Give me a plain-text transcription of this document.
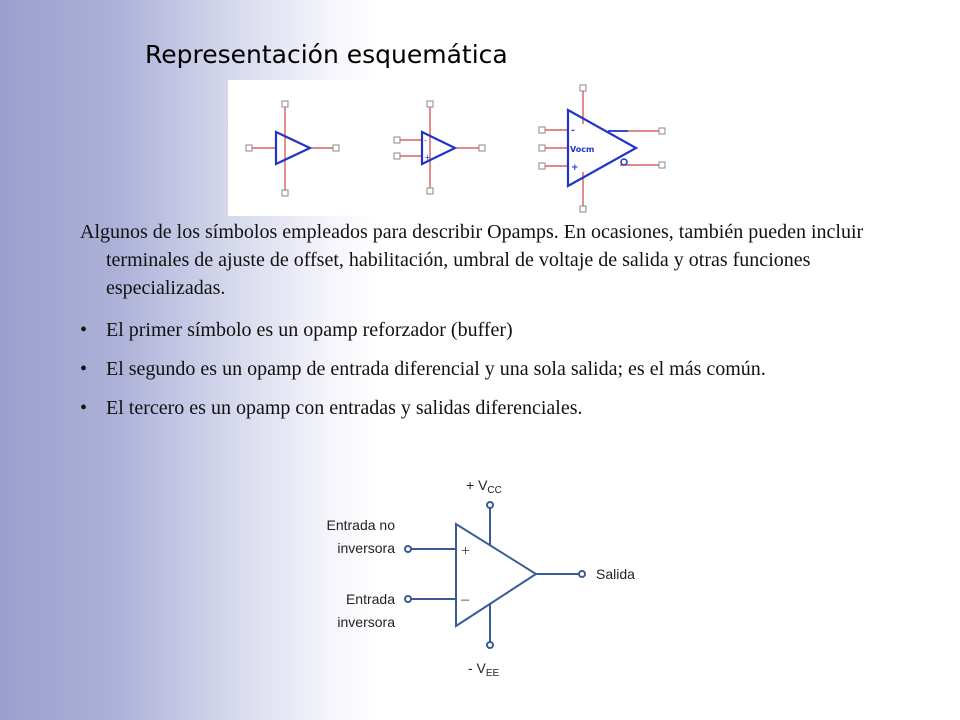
Representación esquemática
-
+
-
+
Vocm

Algunos de los símbolos empleados para describir Opamps. En ocasiones, también pueden incluir terminales de ajuste de offset, habilitación, umbral de voltaje de salida y otras funciones especializadas.

• El primer símbolo es un opamp reforzador (buffer)

• El segundo es un opamp de entrada diferencial y una sola salida; es el más común.

• El tercero es un opamp con entradas y salidas diferenciales.

+
–
+ $V_{CC}$
- $V_{EE}$
Entrada no
inversora
Entrada
inversora
Salida
